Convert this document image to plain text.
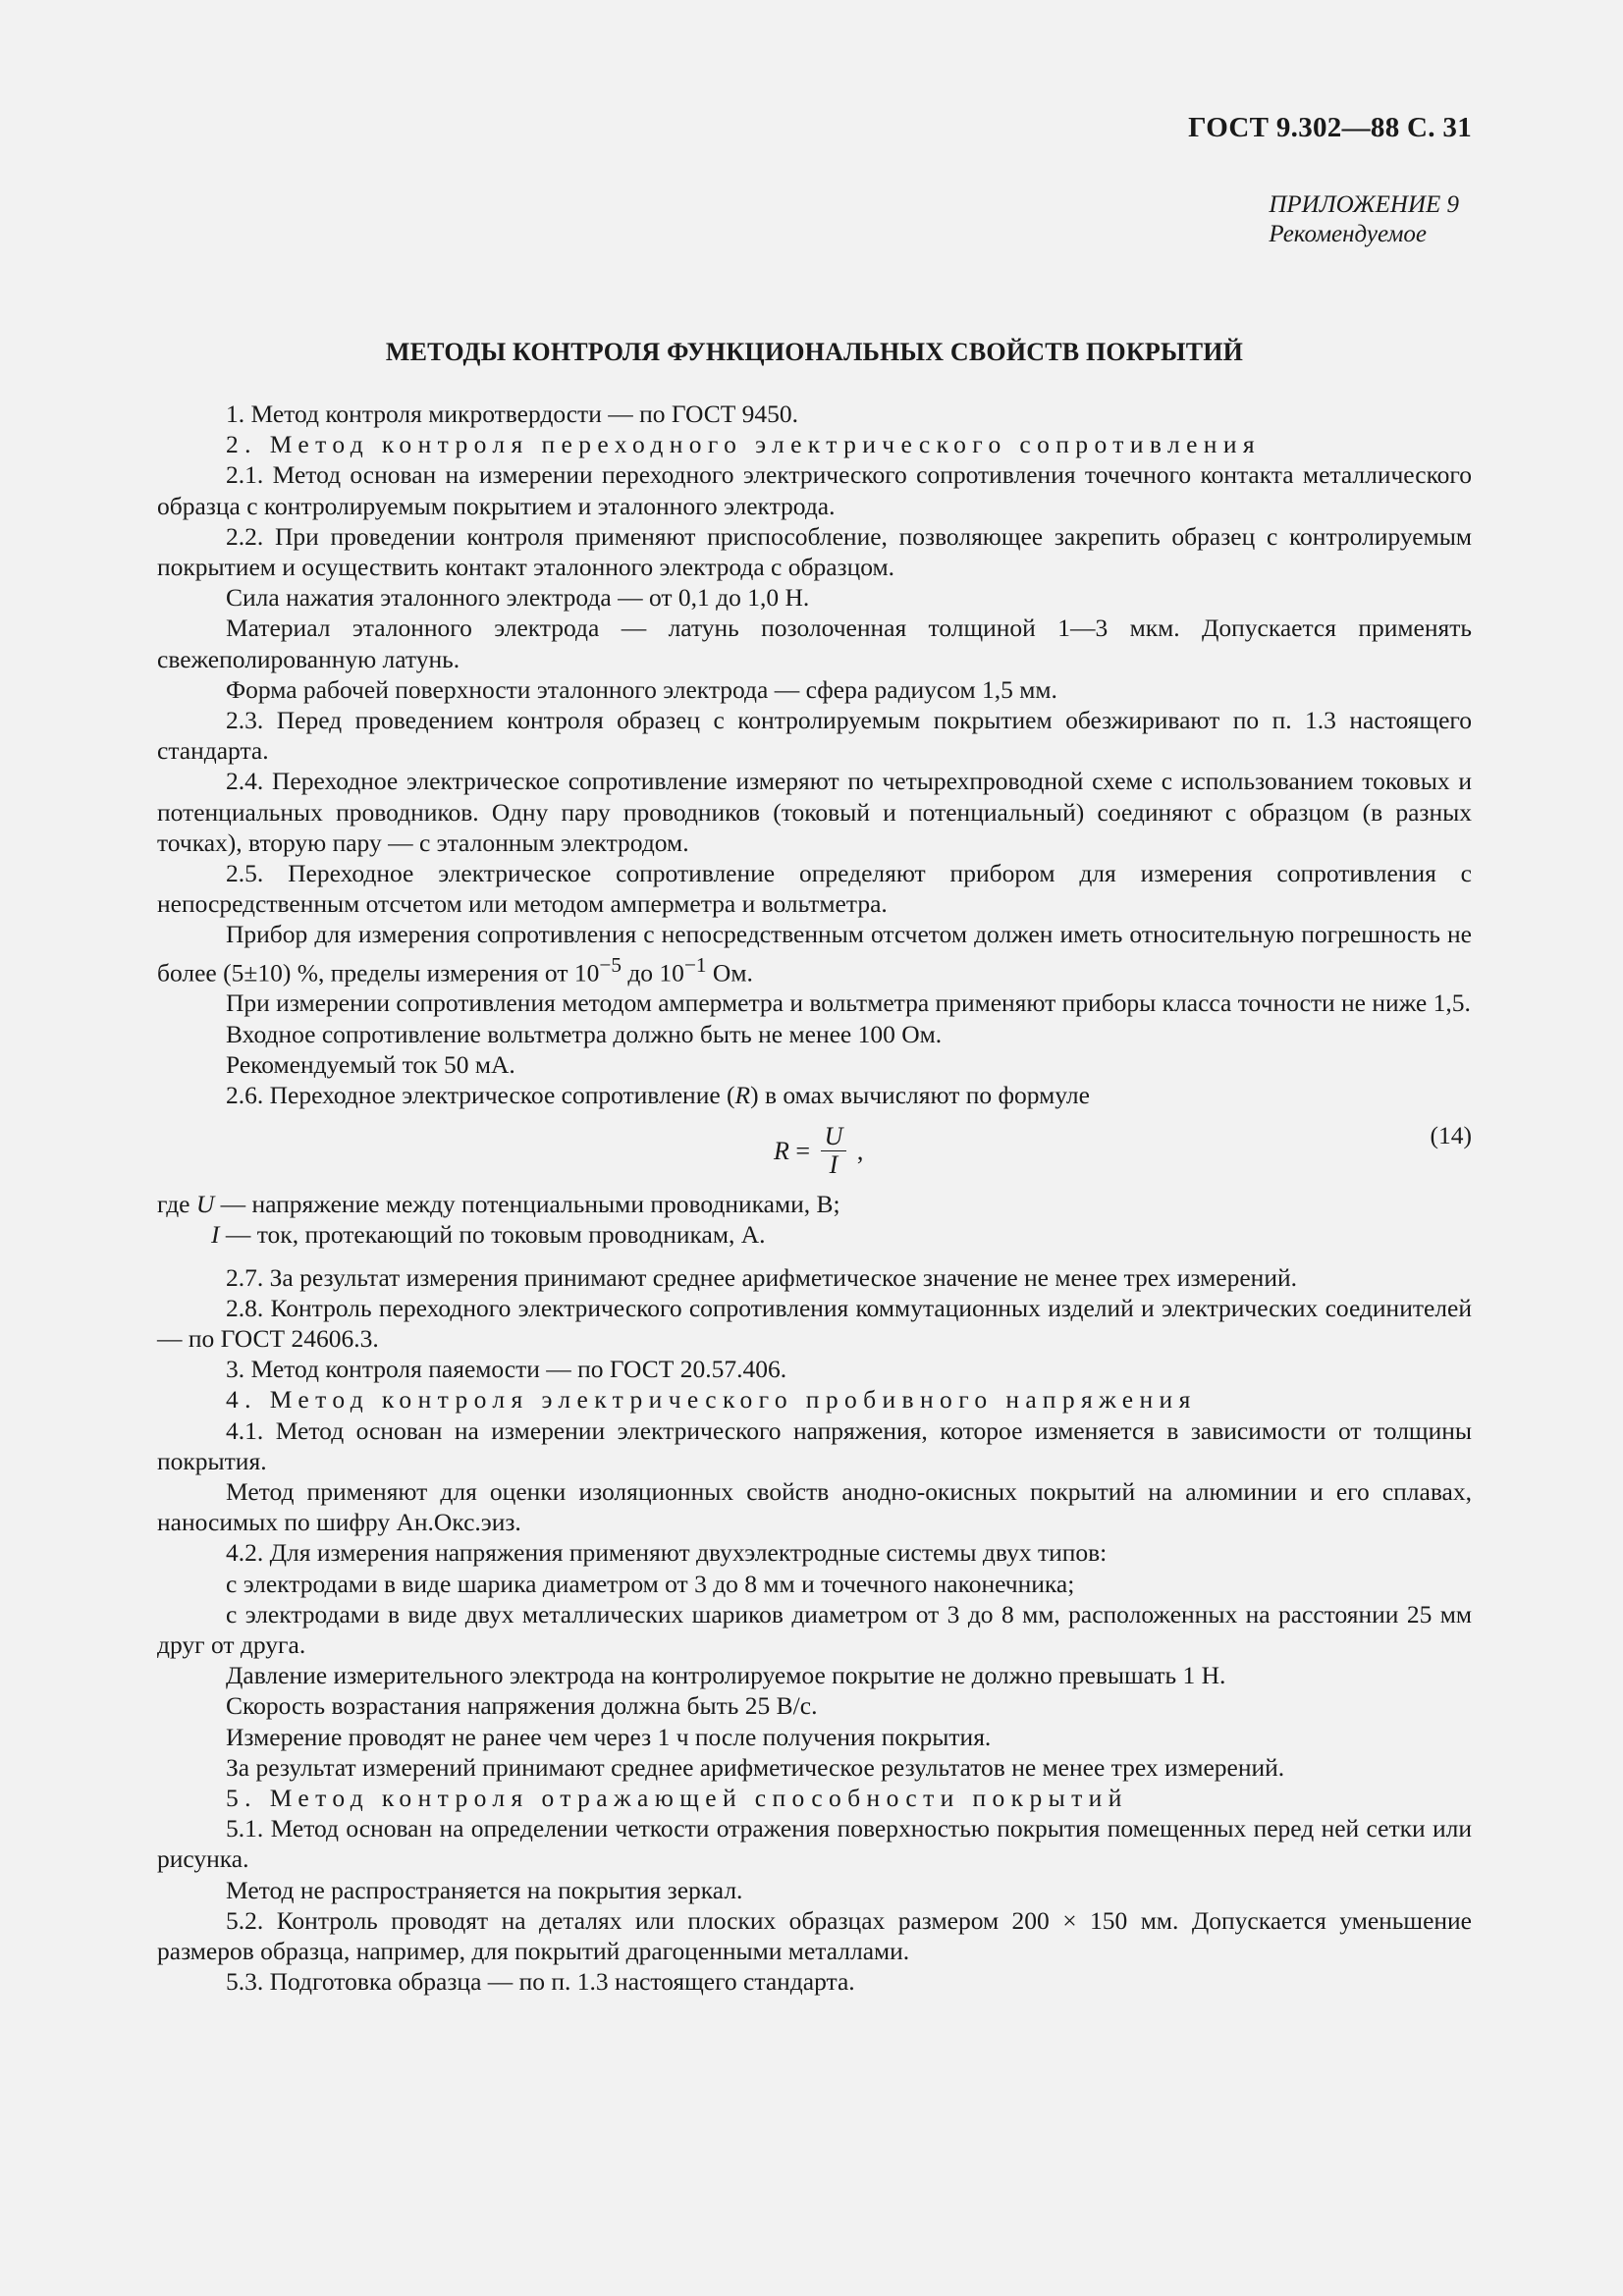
ГОСТ 9.302—88 С. 31
ПРИЛОЖЕНИЕ 9
Рекомендуемое
МЕТОДЫ КОНТРОЛЯ ФУНКЦИОНАЛЬНЫХ СВОЙСТВ ПОКРЫТИЙ

1. Метод контроля микротвердости — по ГОСТ 9450.

2. Метод контроля переходного электрического сопротивления

2.1. Метод основан на измерении переходного электрического сопротивления точечного контакта металлического образца с контролируемым покрытием и эталонного электрода.

2.2. При проведении контроля применяют приспособление, позволяющее закрепить образец с контролируемым покрытием и осуществить контакт эталонного электрода с образцом.

Сила нажатия эталонного электрода — от 0,1 до 1,0 Н.

Материал эталонного электрода — латунь позолоченная толщиной 1—3 мкм. Допускается применять свежеполированную латунь.

Форма рабочей поверхности эталонного электрода — сфера радиусом 1,5 мм.

2.3. Перед проведением контроля образец с контролируемым покрытием обезжиривают по п. 1.3 настоящего стандарта.

2.4. Переходное электрическое сопротивление измеряют по четырехпроводной схеме с использованием токовых и потенциальных проводников. Одну пару проводников (токовый и потенциальный) соединяют с образцом (в разных точках), вторую пару — с эталонным электродом.

2.5. Переходное электрическое сопротивление определяют прибором для измерения сопротивления с непосредственным отсчетом или методом амперметра и вольтметра.

Прибор для измерения сопротивления с непосредственным отсчетом должен иметь относительную погрешность не более (5±10) %, пределы измерения от $10^{-5}$ до $10^{-1}$ Ом.

При измерении сопротивления методом амперметра и вольтметра применяют приборы класса точности не ниже 1,5.

Входное сопротивление вольтметра должно быть не менее 100 Ом.

Рекомендуемый ток 50 мА.

2.6. Переходное электрическое сопротивление (R) в омах вычисляют по формуле

$R = \frac{U}{I}$ ,
(14)
где U — напряжение между потенциальными проводниками, В;
I — ток, протекающий по токовым проводникам, А.

2.7. За результат измерения принимают среднее арифметическое значение не менее трех измерений.

2.8. Контроль переходного электрического сопротивления коммутационных изделий и электрических соединителей — по ГОСТ 24606.3.

3. Метод контроля паяемости — по ГОСТ 20.57.406.

4. Метод контроля электрического пробивного напряжения

4.1. Метод основан на измерении электрического напряжения, которое изменяется в зависимости от толщины покрытия.

Метод применяют для оценки изоляционных свойств анодно-окисных покрытий на алюминии и его сплавах, наносимых по шифру Ан.Окс.эиз.

4.2. Для измерения напряжения применяют двухэлектродные системы двух типов:

с электродами в виде шарика диаметром от 3 до 8 мм и точечного наконечника;

с электродами в виде двух металлических шариков диаметром от 3 до 8 мм, расположенных на расстоянии 25 мм друг от друга.

Давление измерительного электрода на контролируемое покрытие не должно превышать 1 Н.

Скорость возрастания напряжения должна быть 25 В/с.

Измерение проводят не ранее чем через 1 ч после получения покрытия.

За результат измерений принимают среднее арифметическое результатов не менее трех измерений.

5. Метод контроля отражающей способности покрытий

5.1. Метод основан на определении четкости отражения поверхностью покрытия помещенных перед ней сетки или рисунка.

Метод не распространяется на покрытия зеркал.

5.2. Контроль проводят на деталях или плоских образцах размером 200 × 150 мм. Допускается уменьшение размеров образца, например, для покрытий драгоценными металлами.

5.3. Подготовка образца — по п. 1.3 настоящего стандарта.
